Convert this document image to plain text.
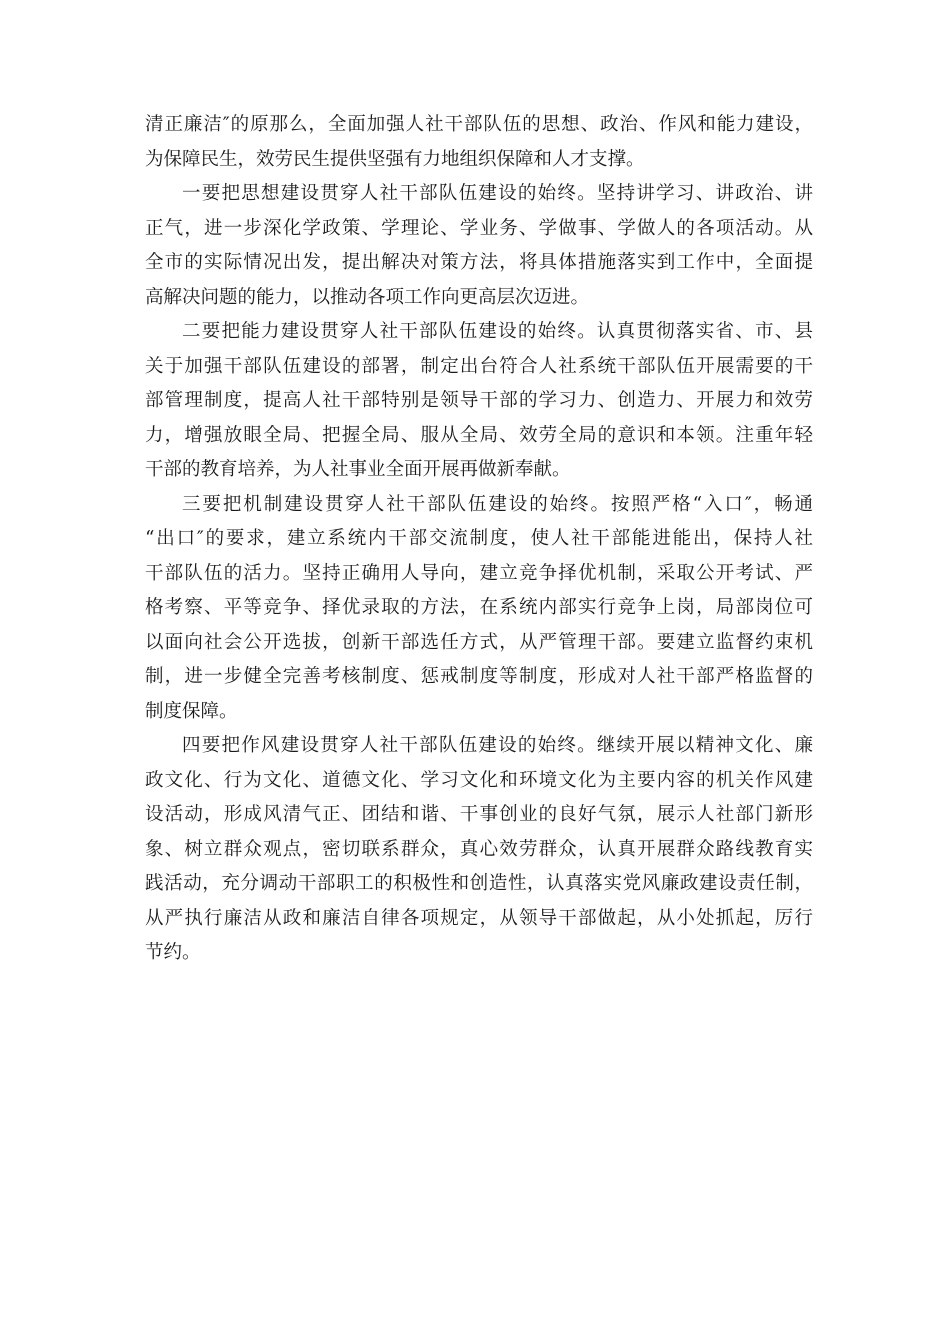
清正廉洁″的原那么，全面加强人社干部队伍的思想、政治、作风和能力建设，
为保障民生，效劳民生提供坚强有力地组织保障和人才支撑。
一要把思想建设贯穿人社干部队伍建设的始终。坚持讲学习、讲政治、讲
正气，进一步深化学政策、学理论、学业务、学做事、学做人的各项活动。从
全市的实际情况出发，提出解决对策方法，将具体措施落实到工作中，全面提
高解决问题的能力，以推动各项工作向更高层次迈进。
二要把能力建设贯穿人社干部队伍建设的始终。认真贯彻落实省、市、县
关于加强干部队伍建设的部署，制定出台符合人社系统干部队伍开展需要的干
部管理制度，提高人社干部特别是领导干部的学习力、创造力、开展力和效劳
力，增强放眼全局、把握全局、服从全局、效劳全局的意识和本领。注重年轻
干部的教育培养，为人社事业全面开展再做新奉献。
三要把机制建设贯穿人社干部队伍建设的始终。按照严格“入口″，畅通
“出口″的要求，建立系统内干部交流制度，使人社干部能进能出，保持人社
干部队伍的活力。坚持正确用人导向，建立竞争择优机制，采取公开考试、严
格考察、平等竞争、择优录取的方法，在系统内部实行竞争上岗，局部岗位可
以面向社会公开选拔，创新干部选任方式，从严管理干部。要建立监督约束机
制，进一步健全完善考核制度、惩戒制度等制度，形成对人社干部严格监督的
制度保障。
四要把作风建设贯穿人社干部队伍建设的始终。继续开展以精神文化、廉
政文化、行为文化、道德文化、学习文化和环境文化为主要内容的机关作风建
设活动，形成风清气正、团结和谐、干事创业的良好气氛，展示人社部门新形
象、树立群众观点，密切联系群众，真心效劳群众，认真开展群众路线教育实
践活动，充分调动干部职工的积极性和创造性，认真落实党风廉政建设责任制，
从严执行廉洁从政和廉洁自律各项规定，从领导干部做起，从小处抓起，厉行
节约。
